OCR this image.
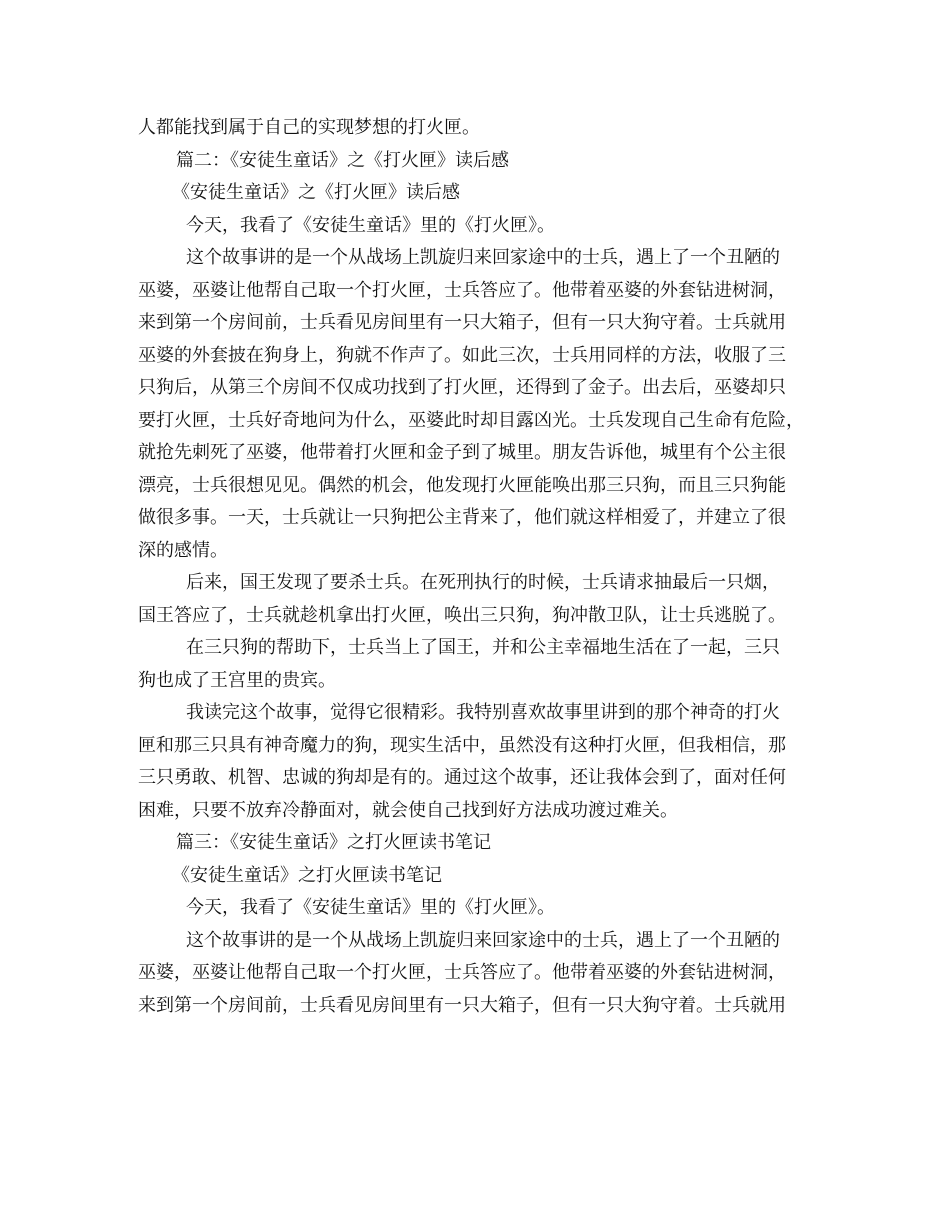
人都能找到属于自己的实现梦想的打火匣。
篇二：《安徒生童话》之《打火匣》读后感
《安徒生童话》之《打火匣》读后感
今天，我看了《安徒生童话》里的《打火匣》。
这个故事讲的是一个从战场上凯旋归来回家途中的士兵，遇上了一个丑陋的
巫婆，巫婆让他帮自己取一个打火匣，士兵答应了。他带着巫婆的外套钻进树洞，
来到第一个房间前，士兵看见房间里有一只大箱子，但有一只大狗守着。士兵就用
巫婆的外套披在狗身上，狗就不作声了。如此三次，士兵用同样的方法，收服了三
只狗后，从第三个房间不仅成功找到了打火匣，还得到了金子。出去后，巫婆却只
要打火匣，士兵好奇地问为什么，巫婆此时却目露凶光。士兵发现自己生命有危险，
就抢先刺死了巫婆，他带着打火匣和金子到了城里。朋友告诉他，城里有个公主很
漂亮，士兵很想见见。偶然的机会，他发现打火匣能唤出那三只狗，而且三只狗能
做很多事。一天，士兵就让一只狗把公主背来了，他们就这样相爱了，并建立了很
深的感情。
后来，国王发现了要杀士兵。在死刑执行的时候，士兵请求抽最后一只烟，
国王答应了，士兵就趁机拿出打火匣，唤出三只狗，狗冲散卫队，让士兵逃脱了。
在三只狗的帮助下，士兵当上了国王，并和公主幸福地生活在了一起，三只
狗也成了王宫里的贵宾。
我读完这个故事，觉得它很精彩。我特别喜欢故事里讲到的那个神奇的打火
匣和那三只具有神奇魔力的狗，现实生活中，虽然没有这种打火匣，但我相信，那
三只勇敢、机智、忠诚的狗却是有的。通过这个故事，还让我体会到了，面对任何
困难，只要不放弃冷静面对，就会使自己找到好方法成功渡过难关。
篇三：《安徒生童话》之打火匣读书笔记
《安徒生童话》之打火匣读书笔记
今天，我看了《安徒生童话》里的《打火匣》。
这个故事讲的是一个从战场上凯旋归来回家途中的士兵，遇上了一个丑陋的
巫婆，巫婆让他帮自己取一个打火匣，士兵答应了。他带着巫婆的外套钻进树洞，
来到第一个房间前，士兵看见房间里有一只大箱子，但有一只大狗守着。士兵就用
